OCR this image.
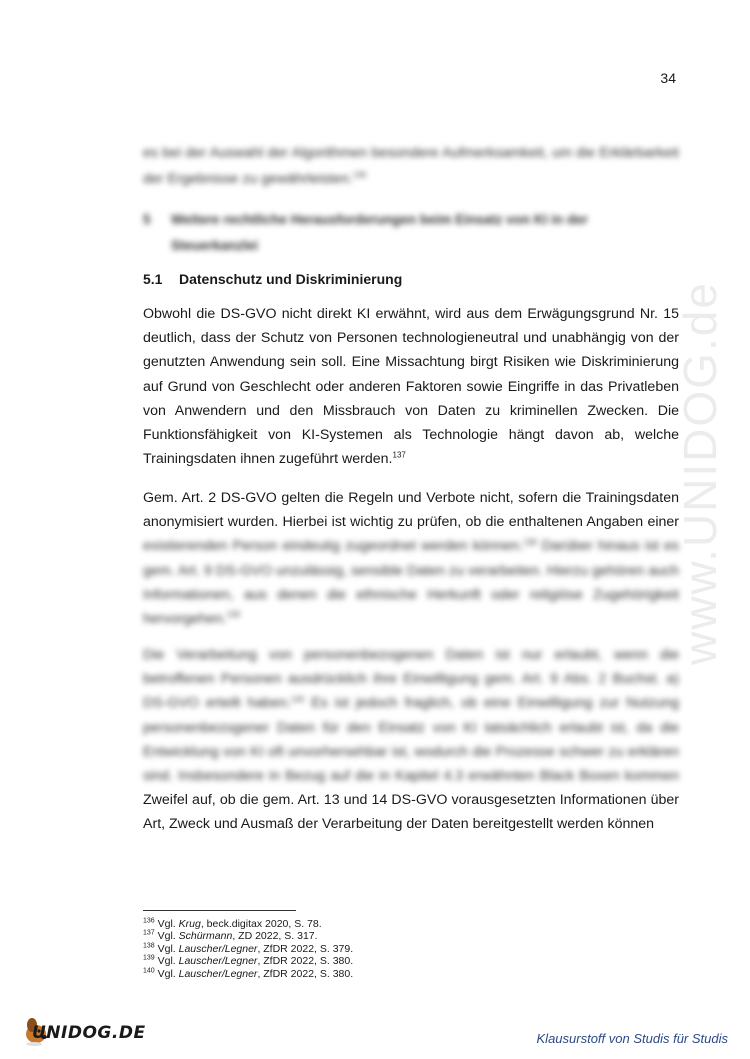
34

es bei der Auswahl der Algorithmen besondere Aufmerksamkeit, um die Erklärbarkeit der Ergebnisse zu gewährleisten.$^{136}$

5 Weitere rechtliche Herausforderungen beim Einsatz von KI in der Steuerkanzlei
5.1 Datenschutz und Diskriminierung

Obwohl die DS-GVO nicht direkt KI erwähnt, wird aus dem Erwägungsgrund Nr. 15 deutlich, dass der Schutz von Personen technologieneutral und unabhängig von der genutzten Anwendung sein soll. Eine Missachtung birgt Risiken wie Diskriminierung auf Grund von Geschlecht oder anderen Faktoren sowie Eingriffe in das Privatleben von Anwendern und den Missbrauch von Daten zu kriminellen Zwecken. Die Funktionsfähigkeit von KI-Systemen als Technologie hängt davon ab, welche Trainingsdaten ihnen zugeführt werden.$^{137}$

Gem. Art. 2 DS-GVO gelten die Regeln und Verbote nicht, sofern die Trainingsdaten anonymisiert wurden. Hierbei ist wichtig zu prüfen, ob die enthaltenen Angaben einer existierenden Person eindeutig zugeordnet werden können.$^{138}$ Darüber hinaus ist es gem. Art. 9 DS-GVO unzulässig, sensible Daten zu verarbeiten. Hierzu gehören auch Informationen, aus denen die ethnische Herkunft oder religiöse Zugehörigkeit hervorgehen.$^{139}$

Die Verarbeitung von personenbezogenen Daten ist nur erlaubt, wenn die betroffenen Personen ausdrücklich ihre Einwilligung gem. Art. 9 Abs. 2 Buchst. a) DS-GVO erteilt haben.$^{140}$ Es ist jedoch fraglich, ob eine Einwilligung zur Nutzung personenbezogener Daten für den Einsatz von KI tatsächlich erlaubt ist, da die Entwicklung von KI oft unvorhersehbar ist, wodurch die Prozesse schwer zu erklären sind. Insbesondere in Bezug auf die in Kapitel 4.3 erwähnten Black Boxen kommen Zweifel auf, ob die gem. Art. 13 und 14 DS-GVO vorausgesetzten Informationen über Art, Zweck und Ausmaß der Verarbeitung der Daten bereitgestellt werden können

$^{136}$ Vgl. Krug, beck.digitax 2020, S. 78.
$^{137}$ Vgl. Schürmann, ZD 2022, S. 317.
$^{138}$ Vgl. Lauscher/Legner, ZfDR 2022, S. 379.
$^{139}$ Vgl. Lauscher/Legner, ZfDR 2022, S. 380.
$^{140}$ Vgl. Lauscher/Legner, ZfDR 2022, S. 380.
www.UNIDOG.de
UNIDOG.DE	Klausurstoff von Studis für Studis
